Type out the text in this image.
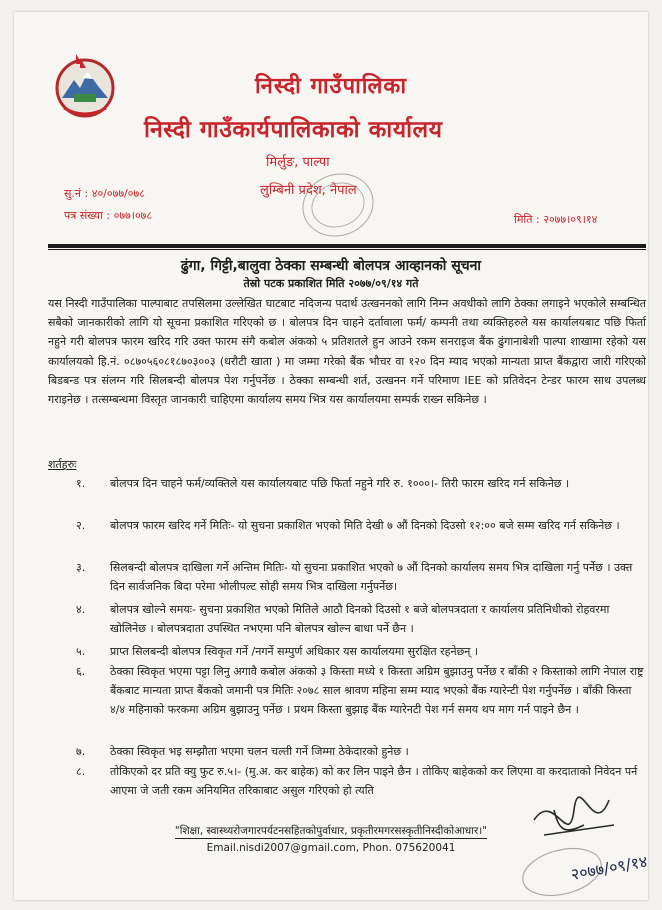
निस्दी गाउँपालिका
निस्दी गाउँकार्यपालिकाको कार्यालय
मिर्लुङ, पाल्पा
लुम्बिनी प्रदेश, नेपाल
सु.नं : ४०/०७७/०७८
पत्र संख्या : ०७७।०७८	मिति : २०७७।०९।१४
ढुंगा, गिट्टी,बालुवा ठेक्का सम्बन्धी बोलपत्र आव्हानको सूचना
तेस्रो पटक प्रकाशित मिति २०७७/०९/१४ गते
यस निस्दी गाउँपालिका पाल्पाबाट तपसिलमा उल्लेखित घाटबाट नदिजन्य पदार्थ उत्खननको लागि निम्न अवधीको लागि ठेक्का लगाइने भएकोले सम्बन्धित सबैको जानकारीको लागि यो सूचना प्रकाशित गरिएको छ । बोलपत्र दिन चाहने दर्तावाला फर्म/ कम्पनी तथा व्यक्तिहरुले यस कार्यालयबाट पछि फिर्ता नहुने गरी बोलपत्र फारम खरिद गरि उक्त फारम संगै कबोल अंकको ५ प्रतिशतले हुन आउने रकम सनराइज बैंक ढुंगानाबेशी पाल्पा शाखामा रहेको यस कार्यालयको हि.नं. ०८७०५६०८१८७०३००३ (धरौटी खाता ) मा जम्मा गरेको बैंक भौचर वा १२० दिन म्याद भएको मान्यता प्राप्त बैंकद्वारा जारी गरिएको बिडबन्ड पत्र संलग्न गरि सिलबन्दी बोलपत्र पेश गर्नुपर्नेछ । ठेक्का सम्बन्धी शर्त, उत्खनन गर्ने परिमाण IEE को प्रतिवेदन टेन्डर फारम साथ उपलब्ध गराइनेछ । तत्सम्बन्धमा विस्तृत जानकारी चाहिएमा कार्यालय समय भित्र यस कार्यालयमा सम्पर्क राख्न सकिनेछ ।
शर्तहरुः
१.	बोलपत्र दिन चाहने फर्म/व्यक्तिले यस कार्यालयबाट पछि फिर्ता नहुने गरि रु. १०००।- तिरी फारम खरिद गर्न सकिनेछ ।
२.	बोलपत्र फारम खरिद गर्ने मितिः- यो सुचना प्रकाशित भएको मिति देखी ७ औं दिनको दिउसो १२:०० बजे सम्म खरिद गर्न सकिनेछ ।
३.	सिलबन्दी बोलपत्र दाखिला गर्ने अन्तिम मितिः- यो सुचना प्रकाशित भएको ७ औं दिनको कार्यालय समय भित्र दाखिला गर्नु पर्नेछ । उक्त दिन सार्वजनिक बिदा परेमा भोलीपल्ट सोही समय भित्र दाखिला गर्नुपर्नेछ।
४.	बोलपत्र खोल्ने समयः- सुचना प्रकाशित भएको मितिले आठौ दिनको दिउसो १ बजे बोलपत्रदाता र कार्यालय प्रतिनिधीको रोहवरमा खोलिनेछ । बोलपत्रदाता उपस्थित नभएमा पनि बोलपत्र खोल्न बाधा पर्ने छैन ।
५.	प्राप्त सिलबन्दी बोलपत्र स्विकृत गर्ने /नगर्ने सम्पुर्ण अधिकार यस कार्यालयमा सुरक्षित रहनेछन् ।
६.	ठेक्का स्विकृत भएमा पट्टा लिनु अगावै कबोल अंकको ३ किस्ता मध्ये १ किस्ता अग्रिम बुझाउनु पर्नेछ र बाँकी २ किस्ताको लागि नेपाल राष्ट्र बैंकबाट मान्यता प्राप्त बैंकको जमानी पत्र मितिः २०७८ साल श्रावण महिना सम्म म्याद भएको बैंक ग्यारेन्टी पेश गर्नुपर्नेछ । बाँकी किस्ता ४/४ महिनाको फरकमा अग्रिम बुझाउनु पर्नेछ । प्रथम किस्ता बुझाइ बैंक ग्यारेनटी पेश गर्न समय थप माग गर्न पाइने छैन ।
७.	ठेक्का स्विकृत भइ सम्झौता भएमा चलन चल्ती गर्ने जिम्मा ठेकेदारको हुनेछ ।
८.	तोकिएको दर प्रति क्यु फुट रु.५।- (मु.अ. कर बाहेक) को कर लिन पाइने छैन । तोकिए बाहेकको कर लिएमा वा करदाताको निवेदन पर्न आएमा जे जती रकम अनियमित तरिकाबाट असुल गरिएको हो त्यति
"शिक्षा, स्वास्थ्यरोजगारपर्यटनसहितकोपुर्वाधार, प्रकृतीरमगरसस्कृतीनिस्दीकोआधार।"
Email.nisdi2007@gmail.com, Phon. 075620041
२०७७/०९/१४
